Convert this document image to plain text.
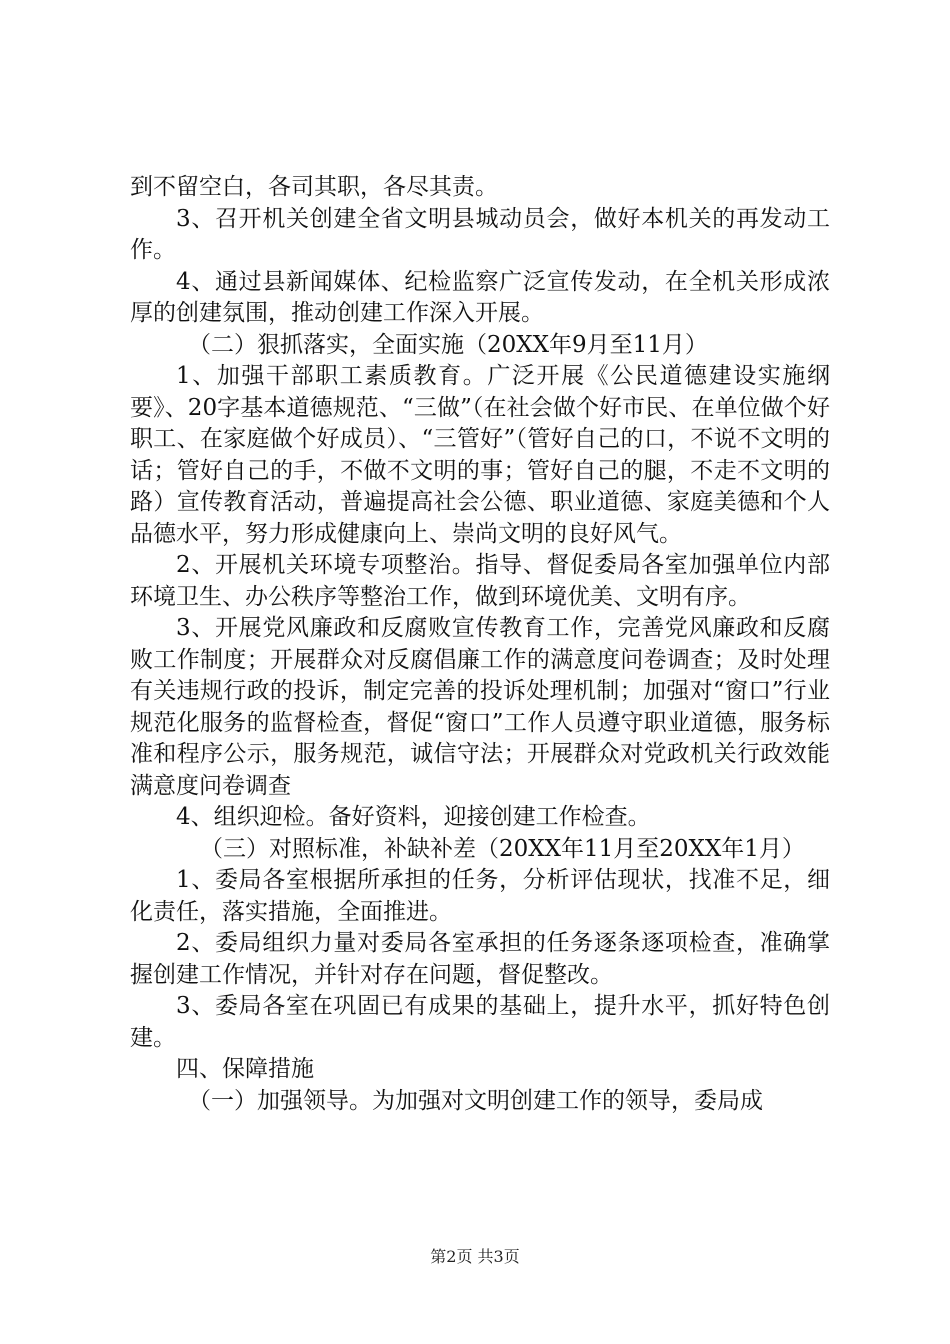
到不留空白，各司其职，各尽其责。

3、召开机关创建全省文明县城动员会，做好本机关的再发动工作。

4、通过县新闻媒体、纪检监察广泛宣传发动，在全机关形成浓厚的创建氛围，推动创建工作深入开展。

（二）狠抓落实，全面实施（20XX年9月至11月）

1、加强干部职工素质教育。广泛开展《公民道德建设实施纲要》、20字基本道德规范、“三做”（在社会做个好市民、在单位做个好职工、在家庭做个好成员）、“三管好”（管好自己的口，不说不文明的话；管好自己的手，不做不文明的事；管好自己的腿，不走不文明的路）宣传教育活动，普遍提高社会公德、职业道德、家庭美德和个人品德水平，努力形成健康向上、崇尚文明的良好风气。

2、开展机关环境专项整治。指导、督促委局各室加强单位内部环境卫生、办公秩序等整治工作，做到环境优美、文明有序。

3、开展党风廉政和反腐败宣传教育工作，完善党风廉政和反腐败工作制度；开展群众对反腐倡廉工作的满意度问卷调查；及时处理有关违规行政的投诉，制定完善的投诉处理机制；加强对“窗口”行业规范化服务的监督检查，督促“窗口”工作人员遵守职业道德，服务标准和程序公示，服务规范，诚信守法；开展群众对党政机关行政效能满意度问卷调查

4、组织迎检。备好资料，迎接创建工作检查。

（三）对照标准，补缺补差（20XX年11月至20XX年1月）

1、委局各室根据所承担的任务，分析评估现状，找准不足，细化责任，落实措施，全面推进。

2、委局组织力量对委局各室承担的任务逐条逐项检查，准确掌握创建工作情况，并针对存在问题，督促整改。

3、委局各室在巩固已有成果的基础上，提升水平，抓好特色创建。

四、保障措施

（一）加强领导。为加强对文明创建工作的领导，委局成

第2页 共3页
